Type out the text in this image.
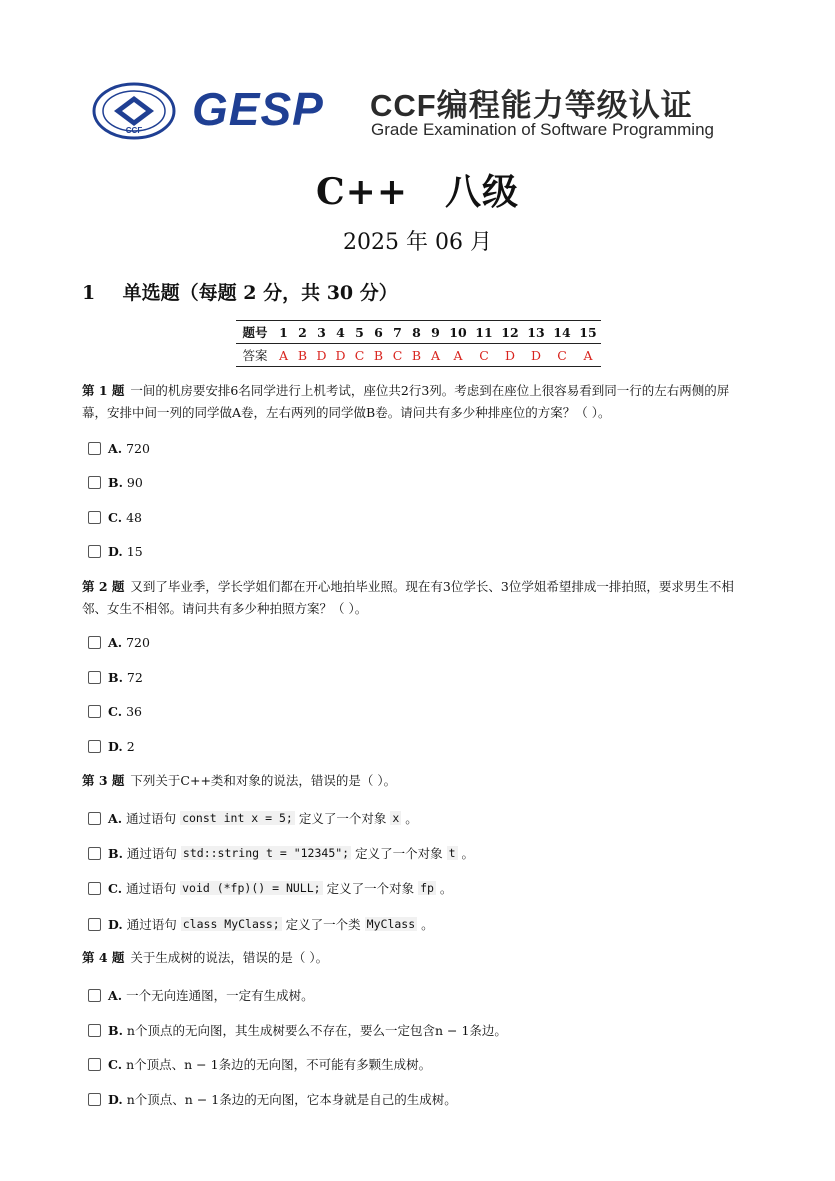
CCF GESP CCF编程能力等级认证
Grade Examination of Software Programming
C++　八级
2025 年 06 月
1 单选题（每题 2 分，共 30 分）
题号	1	2	3	4	5	6	7	8	9	10	11	12	13	14	15
答案	A	B	D	D	C	B	C	B	A	A	C	D	D	C	A
第 1 题 一间的机房要安排6名同学进行上机考试，座位共2行3列。考虑到在座位上很容易看到同一行的左右两侧的屏幕，安排中间一列的同学做A卷，左右两列的同学做B卷。请问共有多少种排座位的方案？（ ）。
A. 720
B. 90
C. 48
D. 15
第 2 题 又到了毕业季，学长学姐们都在开心地拍毕业照。现在有3位学长、3位学姐希望排成一排拍照，要求男生不相邻、女生不相邻。请问共有多少种拍照方案？（ ）。
A. 720
B. 72
C. 36
D. 2
第 3 题 下列关于C++类和对象的说法，错误的是（ ）。
A. 通过语句
const int x = 5;
定义了一个对象
x
。
B. 通过语句
std::string t = "12345";
定义了一个对象
t
。
C. 通过语句
void (*fp)() = NULL;
定义了一个对象
fp
。
D. 通过语句
class MyClass;
定义了一个类
MyClass
。
第 4 题 关于生成树的说法，错误的是（ ）。
A. 一个无向连通图，一定有生成树。
B. n个顶点的无向图，其生成树要么不存在，要么一定包含n − 1条边。
C. n个顶点、n − 1条边的无向图，不可能有多颗生成树。
D. n个顶点、n − 1条边的无向图，它本身就是自己的生成树。
